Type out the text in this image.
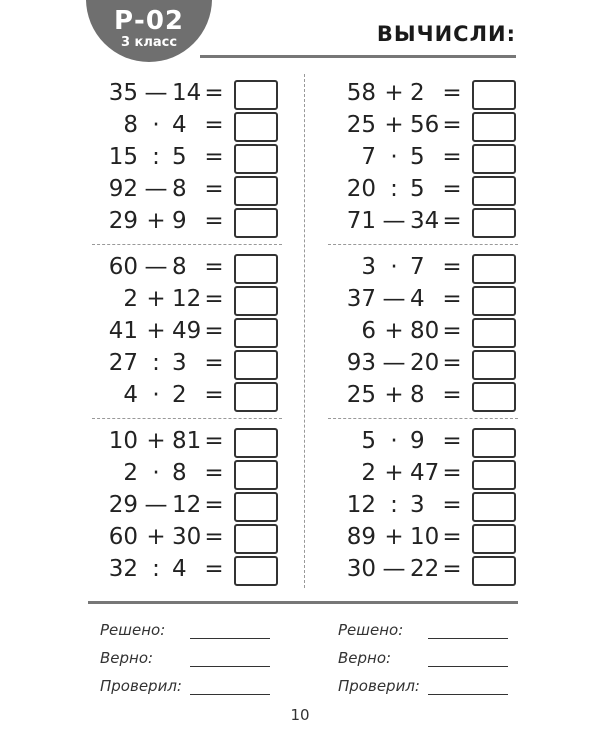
Р-02
3 класс	ВЫЧИСЛИ:
35 — 14 =
8 · 4 =
15 : 5 =
92 — 8 =
29 + 9 =
60 — 8 =
2 + 12 =
41 + 49 =
27 : 3 =
4 · 2 =
10 + 81 =
2 · 8 =
29 — 12 =
60 + 30 =
32 : 4 =
58 + 2 =
25 + 56 =
7 · 5 =
20 : 5 =
71 — 34 =
3 · 7 =
37 — 4 =
6 + 80 =
93 — 20 =
25 + 8 =
5 · 9 =
2 + 47 =
12 : 3 =
89 + 10 =
30 — 22 =
Решено:
Верно:
Проверил:
Решено:
Верно:
Проверил:
10
